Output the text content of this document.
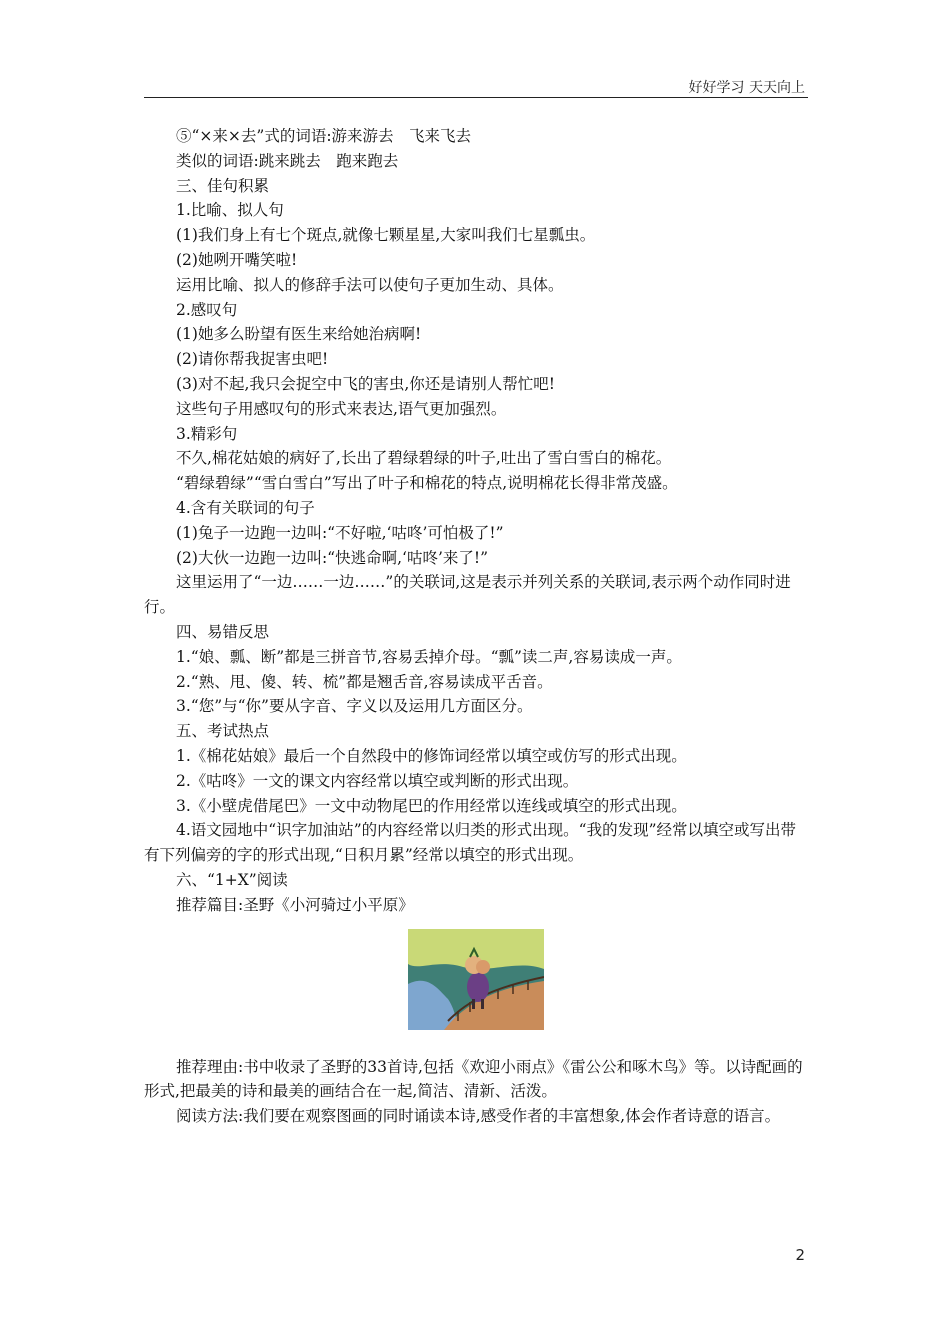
好好学习 天天向上

⑤“×来×去”式的词语:游来游去　飞来飞去

类似的词语:跳来跳去　跑来跑去

三、佳句积累

1.比喻、拟人句

(1)我们身上有七个斑点,就像七颗星星,大家叫我们七星瓢虫。

(2)她咧开嘴笑啦!

运用比喻、拟人的修辞手法可以使句子更加生动、具体。

2.感叹句

(1)她多么盼望有医生来给她治病啊!

(2)请你帮我捉害虫吧!

(3)对不起,我只会捉空中飞的害虫,你还是请别人帮忙吧!

这些句子用感叹句的形式来表达,语气更加强烈。

3.精彩句

不久,棉花姑娘的病好了,长出了碧绿碧绿的叶子,吐出了雪白雪白的棉花。

“碧绿碧绿”“雪白雪白”写出了叶子和棉花的特点,说明棉花长得非常茂盛。

4.含有关联词的句子

(1)兔子一边跑一边叫:“不好啦,‘咕咚’可怕极了!”

(2)大伙一边跑一边叫:“快逃命啊,‘咕咚’来了!”

这里运用了“一边……一边……”的关联词,这是表示并列关系的关联词,表示两个动作同时进行。

四、易错反思

1.“娘、瓢、断”都是三拼音节,容易丢掉介母。“瓢”读二声,容易读成一声。

2.“熟、甩、傻、转、梳”都是翘舌音,容易读成平舌音。

3.“您”与“你”要从字音、字义以及运用几方面区分。

五、考试热点

1.《棉花姑娘》最后一个自然段中的修饰词经常以填空或仿写的形式出现。

2.《咕咚》一文的课文内容经常以填空或判断的形式出现。

3.《小壁虎借尾巴》一文中动物尾巴的作用经常以连线或填空的形式出现。

4.语文园地中“识字加油站”的内容经常以归类的形式出现。“我的发现”经常以填空或写出带有下列偏旁的字的形式出现,“日积月累”经常以填空的形式出现。

六、“1+X”阅读

推荐篇目:圣野《小河骑过小平原》

推荐理由:书中收录了圣野的33首诗,包括《欢迎小雨点》《雷公公和啄木鸟》等。以诗配画的形式,把最美的诗和最美的画结合在一起,简洁、清新、活泼。

阅读方法:我们要在观察图画的同时诵读本诗,感受作者的丰富想象,体会作者诗意的语言。

2
